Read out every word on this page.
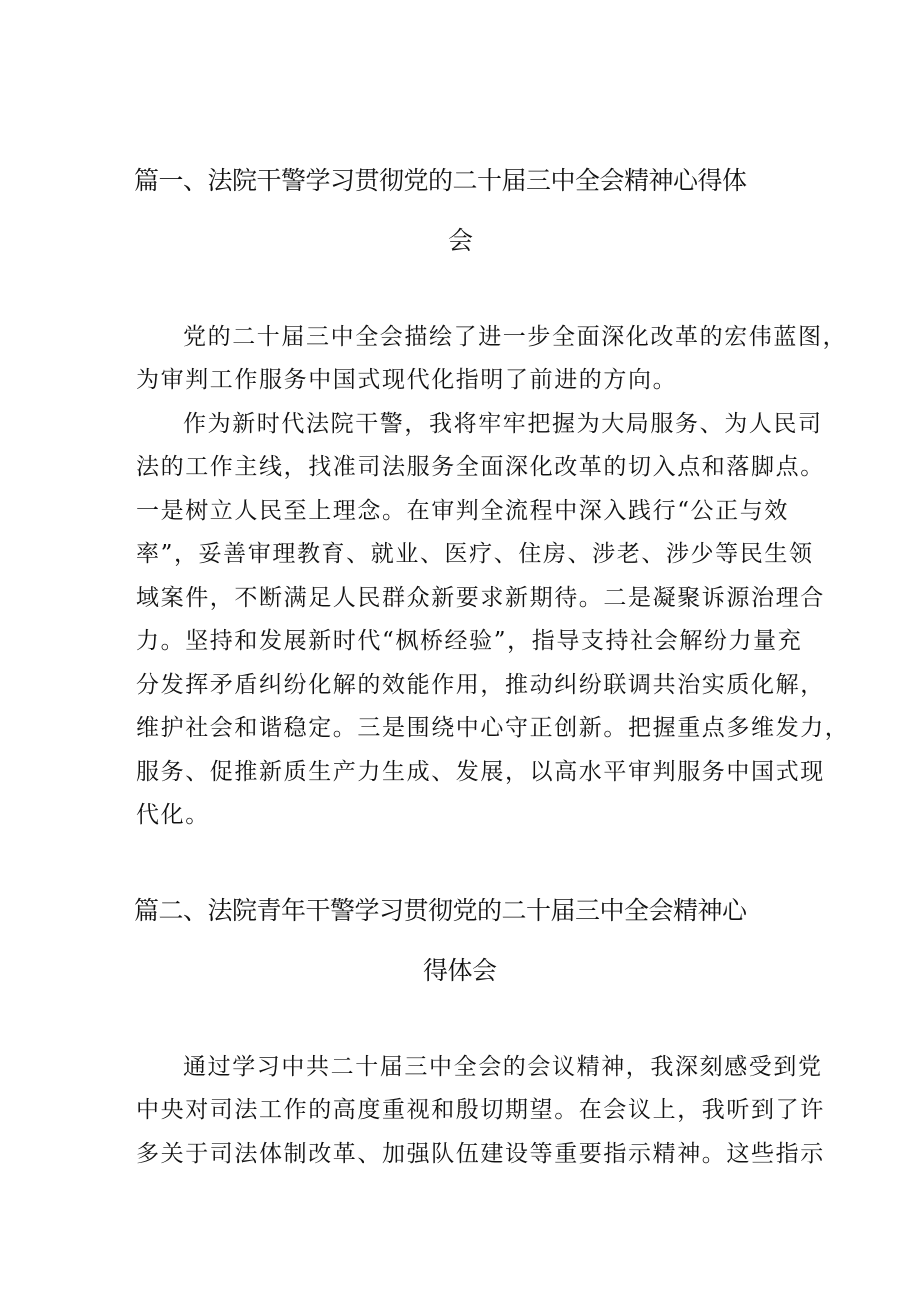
篇一、法院干警学习贯彻党的二十届三中全会精神心得体
会
党的二十届三中全会描绘了进一步全面深化改革的宏伟蓝图，
为审判工作服务中国式现代化指明了前进的方向。
作为新时代法院干警，我将牢牢把握为大局服务、为人民司
法的工作主线，找准司法服务全面深化改革的切入点和落脚点。
一是树立人民至上理念。在审判全流程中深入践行“公正与效
率”，妥善审理教育、就业、医疗、住房、涉老、涉少等民生领
域案件，不断满足人民群众新要求新期待。二是凝聚诉源治理合
力。坚持和发展新时代“枫桥经验”，指导支持社会解纷力量充
分发挥矛盾纠纷化解的效能作用，推动纠纷联调共治实质化解，
维护社会和谐稳定。三是围绕中心守正创新。把握重点多维发力，
服务、促推新质生产力生成、发展，以高水平审判服务中国式现
代化。
篇二、法院青年干警学习贯彻党的二十届三中全会精神心
得体会
通过学习中共二十届三中全会的会议精神，我深刻感受到党
中央对司法工作的高度重视和殷切期望。在会议上，我听到了许
多关于司法体制改革、加强队伍建设等重要指示精神。这些指示
